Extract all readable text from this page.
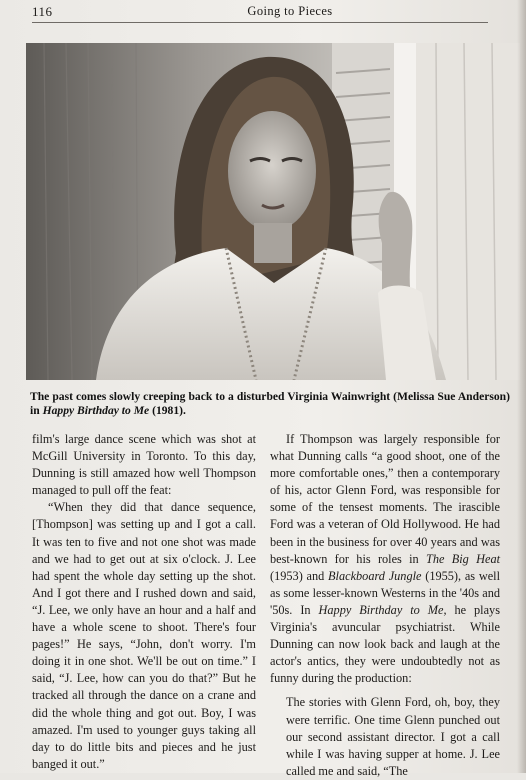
116	Going to Pieces
The past comes slowly creeping back to a disturbed Virginia Wainwright (Melissa Sue Anderson) in Happy Birthday to Me (1981).

film's large dance scene which was shot at McGill University in Toronto. To this day, Dunning is still amazed how well Thompson managed to pull off the feat:

“When they did that dance sequence, [Thompson] was setting up and I got a call. It was ten to five and not one shot was made and we had to get out at six o'clock. J. Lee had spent the whole day setting up the shot. And I got there and I rushed down and said, “J. Lee, we only have an hour and a half and have a whole scene to shoot. There's four pages!” He says, “John, don't worry. I'm doing it in one shot. We'll be out on time.” I said, “J. Lee, how can you do that?” But he tracked all through the dance on a crane and did the whole thing and got out. Boy, I was amazed. I'm used to younger guys taking all day to do little bits and pieces and he just banged it out.”

If Thompson was largely responsible for what Dunning calls “a good shoot, one of the more comfortable ones,” then a contemporary of his, actor Glenn Ford, was responsible for some of the tensest moments. The irascible Ford was a veteran of Old Hollywood. He had been in the business for over 40 years and was best-known for his roles in The Big Heat (1953) and Blackboard Jungle (1955), as well as some lesser-known Westerns in the '40s and '50s. In Happy Birthday to Me, he plays Virginia's avuncular psychiatrist. While Dunning can now look back and laugh at the actor's antics, they were undoubtedly not as funny during the production:

The stories with Glenn Ford, oh, boy, they were terrific. One time Glenn punched out our second assistant director. I got a call while I was having supper at home. J. Lee called me and said, “The
